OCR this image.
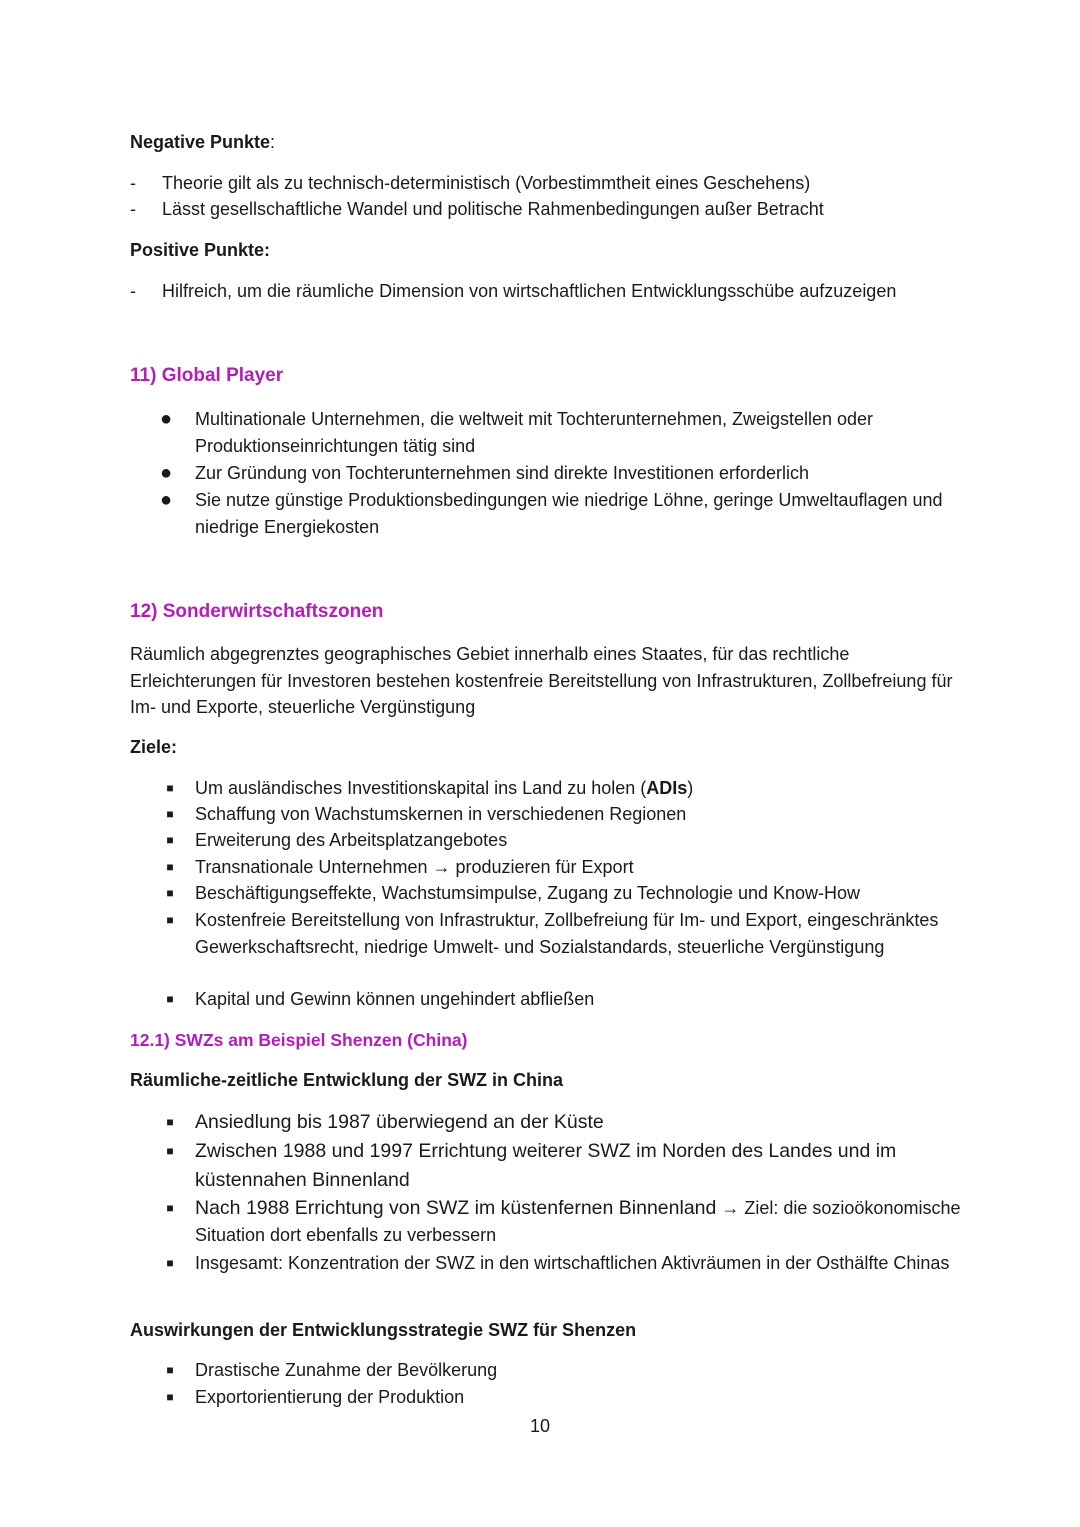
Negative Punkte:
-	Theorie gilt als zu technisch-deterministisch (Vorbestimmtheit eines Geschehens)
-	Lässt gesellschaftliche Wandel und politische Rahmenbedingungen außer Betracht
Positive Punkte:
-	Hilfreich, um die räumliche Dimension von wirtschaftlichen Entwicklungsschübe aufzuzeigen
11) Global Player
● Multinationale Unternehmen, die weltweit mit Tochterunternehmen, Zweigstellen oder Produktionseinrichtungen tätig sind
● Zur Gründung von Tochterunternehmen sind direkte Investitionen erforderlich
● Sie nutze günstige Produktionsbedingungen wie niedrige Löhne, geringe Umweltauflagen und niedrige Energiekosten
12) Sonderwirtschaftszonen
Räumlich abgegrenztes geographisches Gebiet innerhalb eines Staates, für das rechtliche Erleichterungen für Investoren bestehen kostenfreie Bereitstellung von Infrastrukturen, Zollbefreiung für Im- und Exporte, steuerliche Vergünstigung
Ziele:
■	Um ausländisches Investitionskapital ins Land zu holen (ADIs)
■	Schaffung von Wachstumskernen in verschiedenen Regionen
■	Erweiterung des Arbeitsplatzangebotes
■	Transnationale Unternehmen → produzieren für Export
■	Beschäftigungseffekte, Wachstumsimpulse, Zugang zu Technologie und Know-How
■	Kostenfreie Bereitstellung von Infrastruktur, Zollbefreiung für Im- und Export, eingeschränktes Gewerkschaftsrecht, niedrige Umwelt- und Sozialstandards, steuerliche Vergünstigung
■	Kapital und Gewinn können ungehindert abfließen
12.1) SWZs am Beispiel Shenzen (China)
Räumliche-zeitliche Entwicklung der SWZ in China
■	Ansiedlung bis 1987 überwiegend an der Küste
■	Zwischen 1988 und 1997 Errichtung weiterer SWZ im Norden des Landes und im küstennahen Binnenland
■	Nach 1988 Errichtung von SWZ im küstenfernen Binnenland → Ziel: die sozioökonomische Situation dort ebenfalls zu verbessern
■	Insgesamt: Konzentration der SWZ in den wirtschaftlichen Aktivräumen in der Osthälfte Chinas
Auswirkungen der Entwicklungsstrategie SWZ für Shenzen
■	Drastische Zunahme der Bevölkerung
■	Exportorientierung der Produktion
10
